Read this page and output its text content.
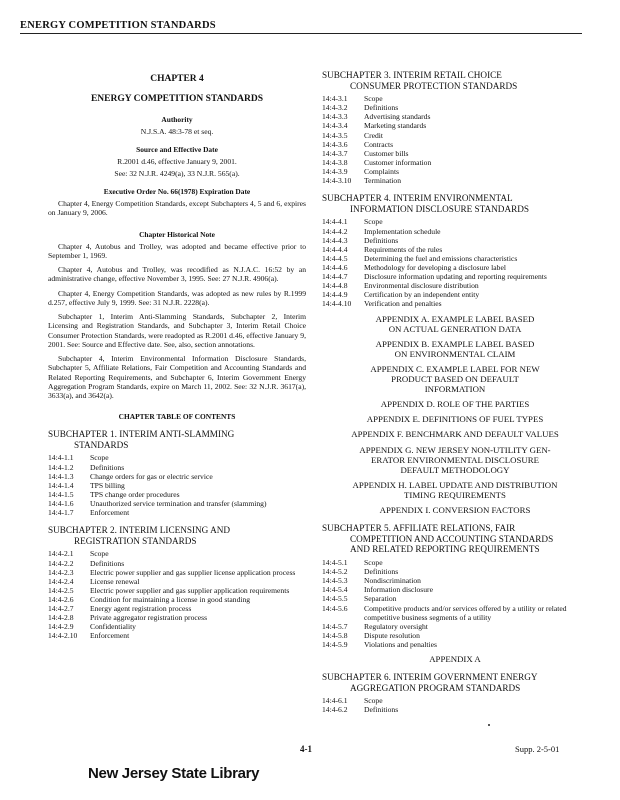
ENERGY COMPETITION STANDARDS
CHAPTER 4
ENERGY COMPETITION STANDARDS
Authority
N.J.S.A. 48:3-78 et seq.
Source and Effective Date
R.2001 d.46, effective January 9, 2001.
See: 32 N.J.R. 4249(a), 33 N.J.R. 565(a).
Executive Order No. 66(1978) Expiration Date
Chapter 4, Energy Competition Standards, except Subchapters 4, 5 and 6, expires on January 9, 2006.
Chapter Historical Note
Chapter 4, Autobus and Trolley, was adopted and became effective prior to September 1, 1969.
Chapter 4, Autobus and Trolley, was recodified as N.J.A.C. 16:52 by an administrative change, effective November 3, 1995. See: 27 N.J.R. 4906(a).
Chapter 4, Energy Competition Standards, was adopted as new rules by R.1999 d.257, effective July 9, 1999. See: 31 N.J.R. 2228(a).
Subchapter 1, Interim Anti-Slamming Standards, Subchapter 2, Interim Licensing and Registration Standards, and Subchapter 3, Interim Retail Choice Consumer Protection Standards, were readopted as R.2001 d.46, effective January 9, 2001. See: Source and Effective date. See, also, section annotations.
Subchapter 4, Interim Environmental Information Disclosure Standards, Subchapter 5, Affiliate Relations, Fair Competition and Accounting Standards and Related Reporting Requirements, and Subchapter 6, Interim Government Energy Aggregation Program Standards, expire on March 11, 2002. See: 32 N.J.R. 3617(a), 3633(a), and 3642(a).
CHAPTER TABLE OF CONTENTS
SUBCHAPTER 1. INTERIM ANTI-SLAMMING
STANDARDS
14:4-1.1	Scope
14:4-1.2	Definitions
14:4-1.3	Change orders for gas or electric service
14:4-1.4	TPS billing
14:4-1.5	TPS change order procedures
14:4-1.6	Unauthorized service termination and transfer (slamming)
14:4-1.7	Enforcement
SUBCHAPTER 2. INTERIM LICENSING AND
REGISTRATION STANDARDS
14:4-2.1	Scope
14:4-2.2	Definitions
14:4-2.3	Electric power supplier and gas supplier license application process
14:4-2.4	License renewal
14:4-2.5	Electric power supplier and gas supplier application requirements
14:4-2.6	Condition for maintaining a license in good standing
14:4-2.7	Energy agent registration process
14:4-2.8	Private aggregator registration process
14:4-2.9	Confidentiality
14:4-2.10	Enforcement
SUBCHAPTER 3. INTERIM RETAIL CHOICE
CONSUMER PROTECTION STANDARDS
14:4-3.1	Scope
14:4-3.2	Definitions
14:4-3.3	Advertising standards
14:4-3.4	Marketing standards
14:4-3.5	Credit
14:4-3.6	Contracts
14:4-3.7	Customer bills
14:4-3.8	Customer information
14:4-3.9	Complaints
14:4-3.10	Termination
SUBCHAPTER 4. INTERIM ENVIRONMENTAL
INFORMATION DISCLOSURE STANDARDS
14:4-4.1	Scope
14:4-4.2	Implementation schedule
14:4-4.3	Definitions
14:4-4.4	Requirements of the rules
14:4-4.5	Determining the fuel and emissions characteristics
14:4-4.6	Methodology for developing a disclosure label
14:4-4.7	Disclosure information updating and reporting requirements
14:4-4.8	Environmental disclosure distribution
14:4-4.9	Certification by an independent entity
14:4-4.10	Verification and penalties
APPENDIX A. EXAMPLE LABEL BASED
ON ACTUAL GENERATION DATA
APPENDIX B. EXAMPLE LABEL BASED
ON ENVIRONMENTAL CLAIM
APPENDIX C. EXAMPLE LABEL FOR NEW
PRODUCT BASED ON DEFAULT
INFORMATION
APPENDIX D. ROLE OF THE PARTIES
APPENDIX E. DEFINITIONS OF FUEL TYPES
APPENDIX F. BENCHMARK AND DEFAULT VALUES
APPENDIX G. NEW JERSEY NON-UTILITY GEN-
ERATOR ENVIRONMENTAL DISCLOSURE
DEFAULT METHODOLOGY
APPENDIX H. LABEL UPDATE AND DISTRIBUTION
TIMING REQUIREMENTS
APPENDIX I. CONVERSION FACTORS
SUBCHAPTER 5. AFFILIATE RELATIONS, FAIR
COMPETITION AND ACCOUNTING STANDARDS
AND RELATED REPORTING REQUIREMENTS
14:4-5.1	Scope
14:4-5.2	Definitions
14:4-5.3	Nondiscrimination
14:4-5.4	Information disclosure
14:4-5.5	Separation
14:4-5.6	Competitive products and/or services offered by a utility or related competitive business segments of a utility
14:4-5.7	Regulatory oversight
14:4-5.8	Dispute resolution
14:4-5.9	Violations and penalties
APPENDIX A
SUBCHAPTER 6. INTERIM GOVERNMENT ENERGY
AGGREGATION PROGRAM STANDARDS
14:4-6.1	Scope
14:4-6.2	Definitions
4-1	Supp. 2-5-01
New Jersey State Library
